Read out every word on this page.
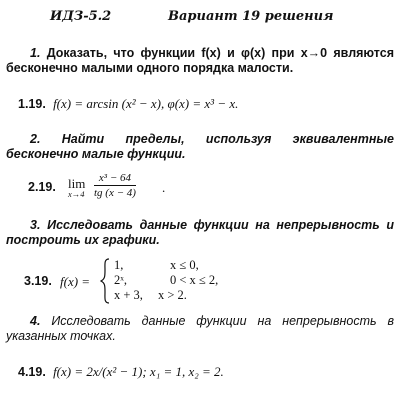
ИДЗ-5.2	Вариант 19 решения
1. Доказать, что функции f(x) и φ(x) при x→0 являются бесконечно малыми одного порядка малости.
1.19. f(x) = arcsin (x² − x), φ(x) = x³ − x.
2. Найти пределы, используя эквивалентные бесконечно малые функции.
2.19. lim
x→4
x³ − 64
tg (x − 4) .
3. Исследовать данные функции на непрерывность и построить их графики.
3.19. f(x) =
1,	x ≤ 0,
2ˣ,	0 < x ≤ 2,
x + 3, x > 2.
4. Исследовать данные функции на непрерывность в указанных точках.
4.19. f(x) = 2x/(x² − 1); x₁ = 1, x₂ = 2.
